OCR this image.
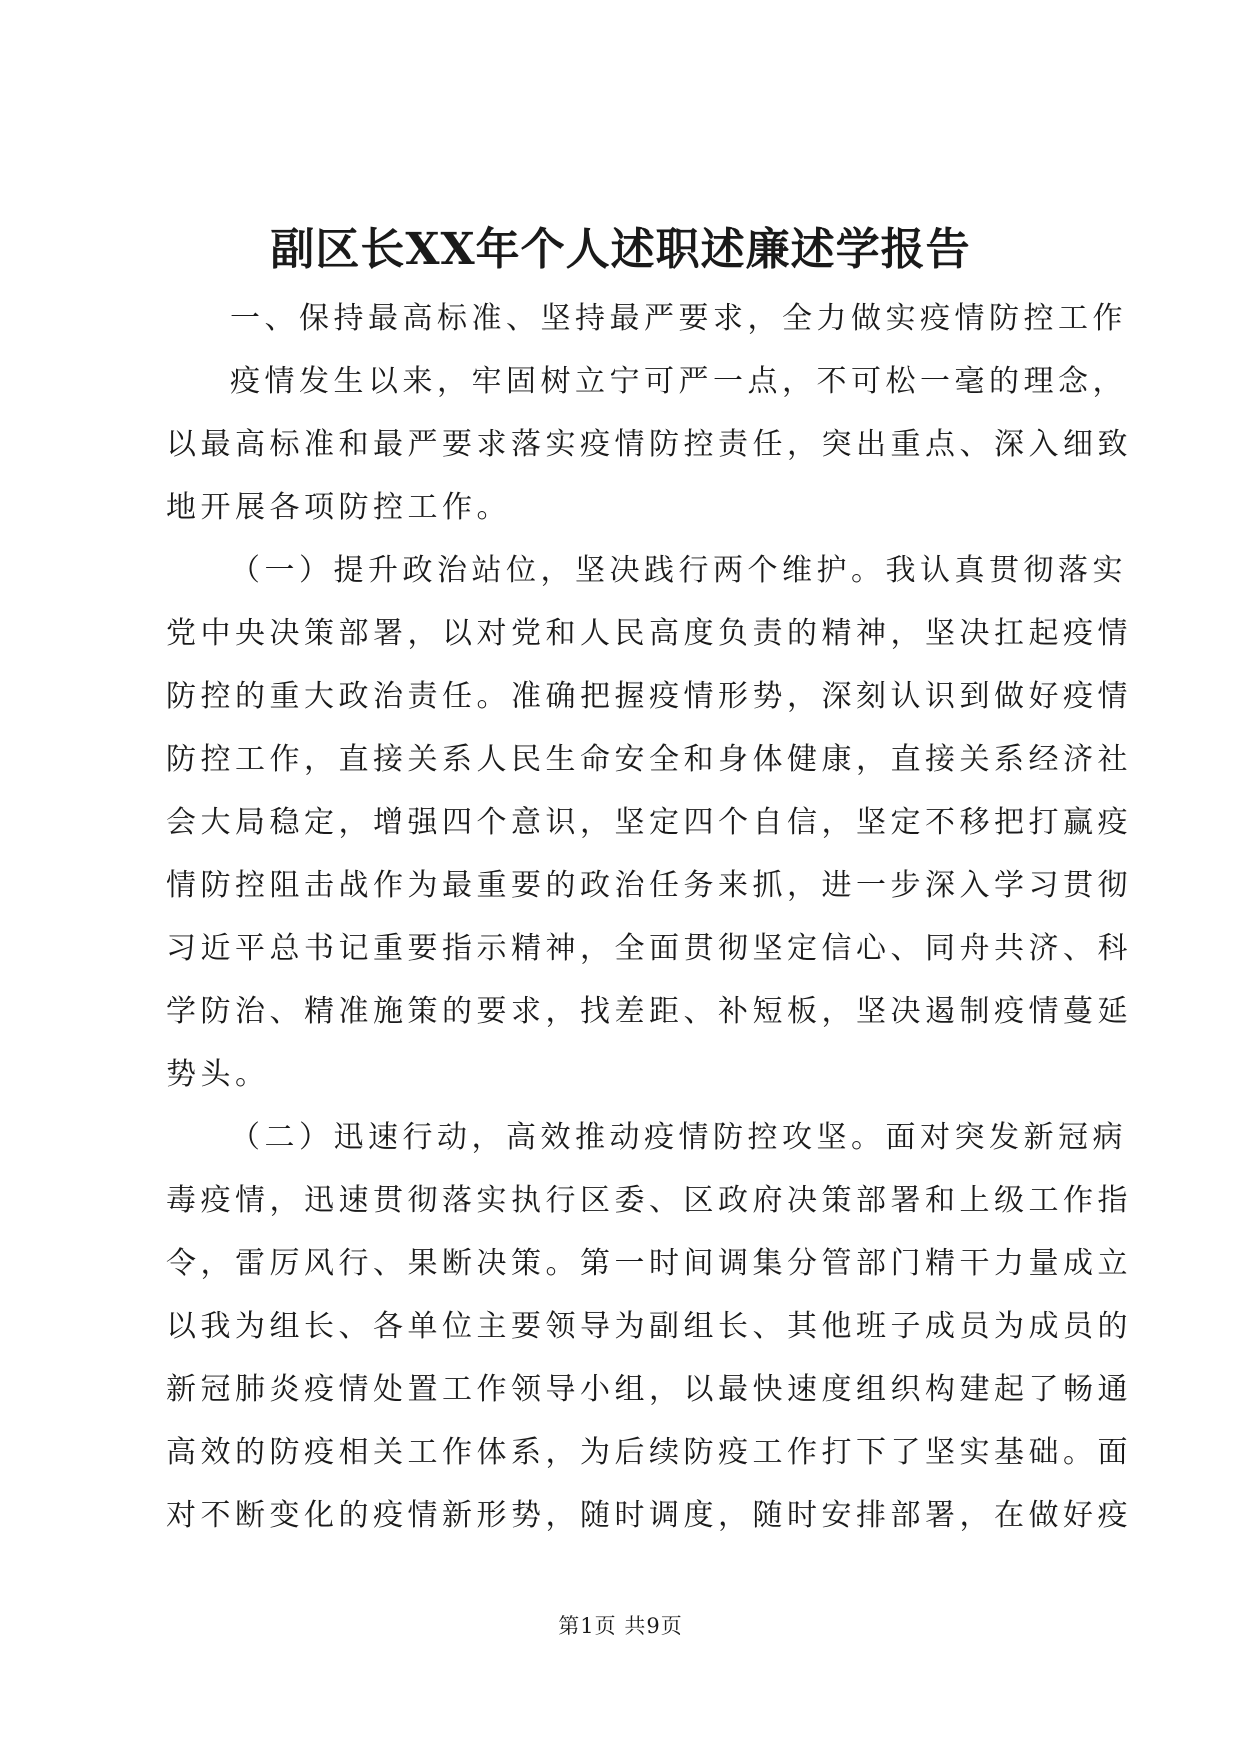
副区长XX年个人述职述廉述学报告
一、保持最高标准、坚持最严要求，全力做实疫情防控工作
疫情发生以来，牢固树立宁可严一点，不可松一毫的理念，
以最高标准和最严要求落实疫情防控责任，突出重点、深入细致
地开展各项防控工作。
（一）提升政治站位，坚决践行两个维护。我认真贯彻落实
党中央决策部署，以对党和人民高度负责的精神，坚决扛起疫情
防控的重大政治责任。准确把握疫情形势，深刻认识到做好疫情
防控工作，直接关系人民生命安全和身体健康，直接关系经济社
会大局稳定，增强四个意识，坚定四个自信，坚定不移把打赢疫
情防控阻击战作为最重要的政治任务来抓，进一步深入学习贯彻
习近平总书记重要指示精神，全面贯彻坚定信心、同舟共济、科
学防治、精准施策的要求，找差距、补短板，坚决遏制疫情蔓延
势头。
（二）迅速行动，高效推动疫情防控攻坚。面对突发新冠病
毒疫情，迅速贯彻落实执行区委、区政府决策部署和上级工作指
令，雷厉风行、果断决策。第一时间调集分管部门精干力量成立
以我为组长、各单位主要领导为副组长、其他班子成员为成员的
新冠肺炎疫情处置工作领导小组，以最快速度组织构建起了畅通
高效的防疫相关工作体系，为后续防疫工作打下了坚实基础。面
对不断变化的疫情新形势，随时调度，随时安排部署，在做好疫
第1页 共9页
